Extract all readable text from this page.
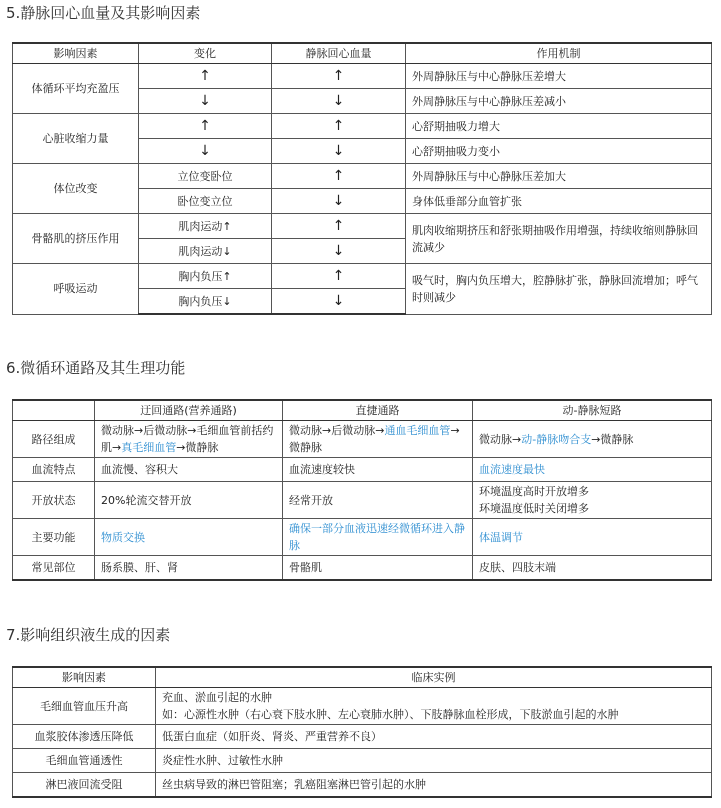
5.静脉回心血量及其影响因素
影响因素	变化	静脉回心血量	作用机制
体循环平均充盈压	↑	↑	外周静脉压与中心静脉压差增大
	↓	↓	外周静脉压与中心静脉压差减小
心脏收缩力量	↑	↑	心舒期抽吸力增大
	↓	↓	心舒期抽吸力变小
体位改变	立位变卧位	↑	外周静脉压与中心静脉压差加大
	卧位变立位	↓	身体低垂部分血管扩张
骨骼肌的挤压作用	肌肉运动↑	↑	肌肉收缩期挤压和舒张期抽吸作用增强，持续收缩则静脉回流减少
	肌肉运动↓	↓	
呼吸运动	胸内负压↑	↑	吸气时，胸内负压增大，腔静脉扩张，静脉回流增加；呼气时则减少
	胸内负压↓	↓	
6.微循环通路及其生理功能
	迂回通路(营养通路)	直捷通路	动-静脉短路
路径组成	微动脉→后微动脉→毛细血管前括约肌→真毛细血管→微静脉	微动脉→后微动脉→通血毛细血管→微静脉	微动脉→动-静脉吻合支→微静脉
血流特点	血流慢、容积大	血流速度较快	血流速度最快
开放状态	20%轮流交替开放	经常开放	环境温度高时开放增多
环境温度低时关闭增多

主要功能	物质交换	确保一部分血液迅速经微循环进入静脉	体温调节
常见部位	肠系膜、肝、肾	骨骼肌	皮肤、四肢末端
7.影响组织液生成的因素
影响因素	临床实例
毛细血管血压升高	充血、淤血引起的水肿
如：心源性水肿（右心衰下肢水肿、左心衰肺水肿）、下肢静脉血栓形成，下肢淤血引起的水肿

血浆胶体渗透压降低	低蛋白血症（如肝炎、肾炎、严重营养不良）
毛细血管通透性	炎症性水肿、过敏性水肿
淋巴液回流受阻	丝虫病导致的淋巴管阻塞；乳癌阻塞淋巴管引起的水肿
